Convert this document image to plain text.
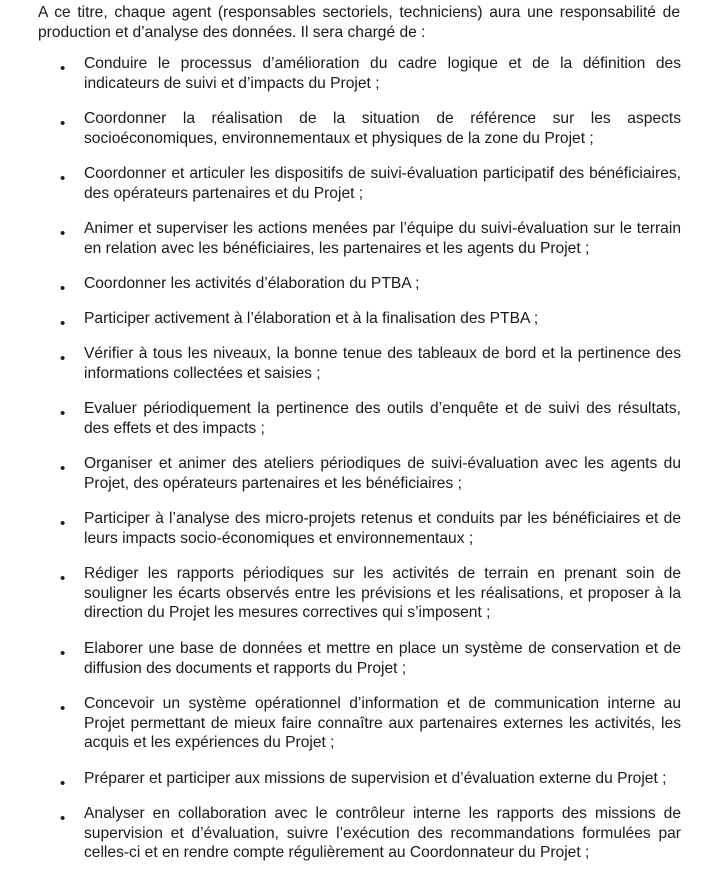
A ce titre, chaque agent (responsables sectoriels, techniciens) aura une responsabilité de production et d’analyse des données. Il sera chargé de :

• Conduire le processus d’amélioration du cadre logique et de la définition des indicateurs de suivi et d’impacts du Projet ;
• Coordonner la réalisation de la situation de référence sur les aspects socioéconomiques, environnementaux et physiques de la zone du Projet ;
• Coordonner et articuler les dispositifs de suivi-évaluation participatif des bénéficiaires, des opérateurs partenaires et du Projet ;
• Animer et superviser les actions menées par l’équipe du suivi-évaluation sur le terrain en relation avec les bénéficiaires, les partenaires et les agents du Projet ;
• Coordonner les activités d’élaboration du PTBA ;
• Participer activement à l’élaboration et à la finalisation des PTBA ;
• Vérifier à tous les niveaux, la bonne tenue des tableaux de bord et la pertinence des informations collectées et saisies ;
• Evaluer périodiquement la pertinence des outils d’enquête et de suivi des résultats, des effets et des impacts ;
• Organiser et animer des ateliers périodiques de suivi-évaluation avec les agents du Projet, des opérateurs partenaires et les bénéficiaires ;
• Participer à l’analyse des micro-projets retenus et conduits par les bénéficiaires et de leurs impacts socio-économiques et environnementaux ;
• Rédiger les rapports périodiques sur les activités de terrain en prenant soin de souligner les écarts observés entre les prévisions et les réalisations, et proposer à la direction du Projet les mesures correctives qui s’imposent ;
• Elaborer une base de données et mettre en place un système de conservation et de diffusion des documents et rapports du Projet ;
• Concevoir un système opérationnel d’information et de communication interne au Projet permettant de mieux faire connaître aux partenaires externes les activités, les acquis et les expériences du Projet ;
• Préparer et participer aux missions de supervision et d’évaluation externe du Projet ;
• Analyser en collaboration avec le contrôleur interne les rapports des missions de supervision et d’évaluation, suivre l’exécution des recommandations formulées par celles-ci et en rendre compte régulièrement au Coordonnateur du Projet ;
